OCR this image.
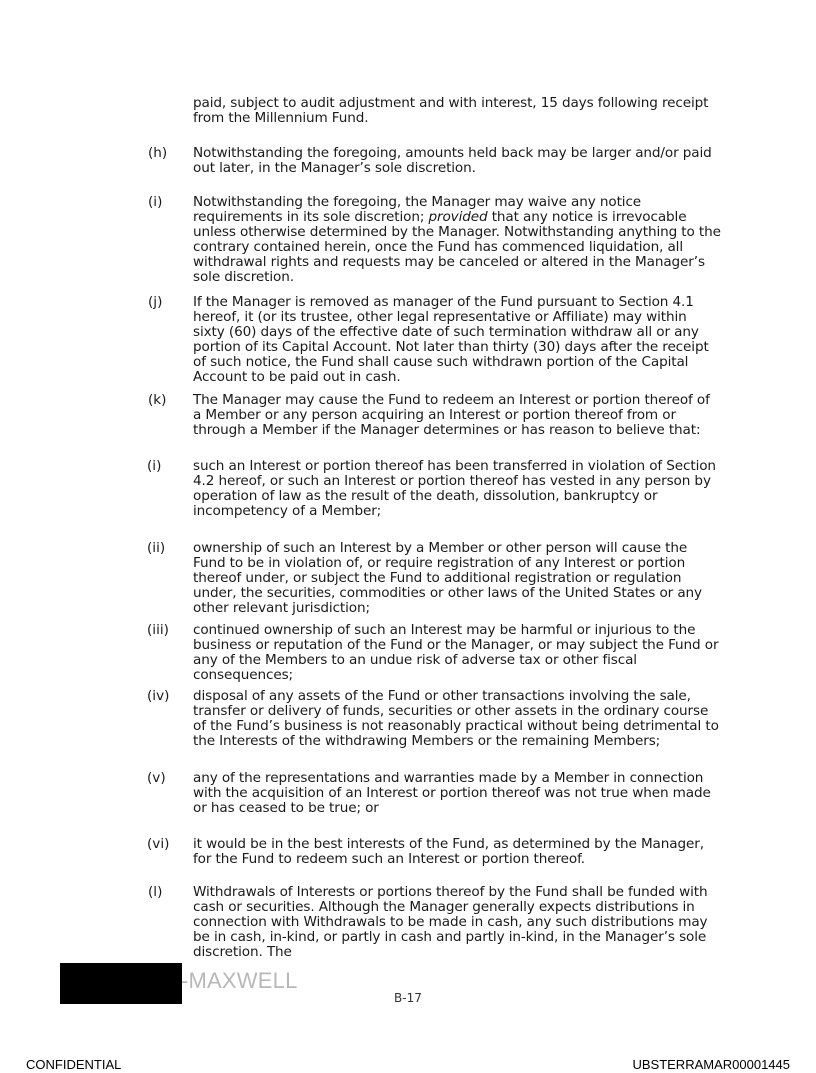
paid, subject to audit adjustment and with interest, 15 days following receipt from the Millennium Fund.
(h) Notwithstanding the foregoing, amounts held back may be larger and/or paid out later, in the Manager’s sole discretion.
(i) Notwithstanding the foregoing, the Manager may waive any notice requirements in its sole discretion; provided that any notice is irrevocable unless otherwise determined by the Manager. Notwithstanding anything to the contrary contained herein, once the Fund has commenced liquidation, all withdrawal rights and requests may be canceled or altered in the Manager’s sole discretion.
(j) If the Manager is removed as manager of the Fund pursuant to Section 4.1 hereof, it (or its trustee, other legal representative or Affiliate) may within sixty (60) days of the effective date of such termination withdraw all or any portion of its Capital Account. Not later than thirty (30) days after the receipt of such notice, the Fund shall cause such withdrawn portion of the Capital Account to be paid out in cash.
(k) The Manager may cause the Fund to redeem an Interest or portion thereof of a Member or any person acquiring an Interest or portion thereof from or through a Member if the Manager determines or has reason to believe that:
(i) such an Interest or portion thereof has been transferred in violation of Section 4.2 hereof, or such an Interest or portion thereof has vested in any person by operation of law as the result of the death, dissolution, bankruptcy or incompetency of a Member;
(ii) ownership of such an Interest by a Member or other person will cause the Fund to be in violation of, or require registration of any Interest or portion thereof under, or subject the Fund to additional registration or regulation under, the securities, commodities or other laws of the United States or any other relevant jurisdiction;
(iii) continued ownership of such an Interest may be harmful or injurious to the business or reputation of the Fund or the Manager, or may subject the Fund or any of the Members to an undue risk of adverse tax or other fiscal consequences;
(iv) disposal of any assets of the Fund or other transactions involving the sale, transfer or delivery of funds, securities or other assets in the ordinary course of the Fund’s business is not reasonably practical without being detrimental to the Interests of the withdrawing Members or the remaining Members;
(v) any of the representations and warranties made by a Member in connection with the acquisition of an Interest or portion thereof was not true when made or has ceased to be true; or
(vi) it would be in the best interests of the Fund, as determined by the Manager, for the Fund to redeem such an Interest or portion thereof.
(l) Withdrawals of Interests or portions thereof by the Fund shall be funded with cash or securities. Although the Manager generally expects distributions in connection with Withdrawals to be made in cash, any such distributions may be in cash, in-kind, or partly in cash and partly in-kind, in the Manager’s sole discretion. The
-MAXWELL
B-17
CONFIDENTIAL	UBSTERRAMAR00001445
